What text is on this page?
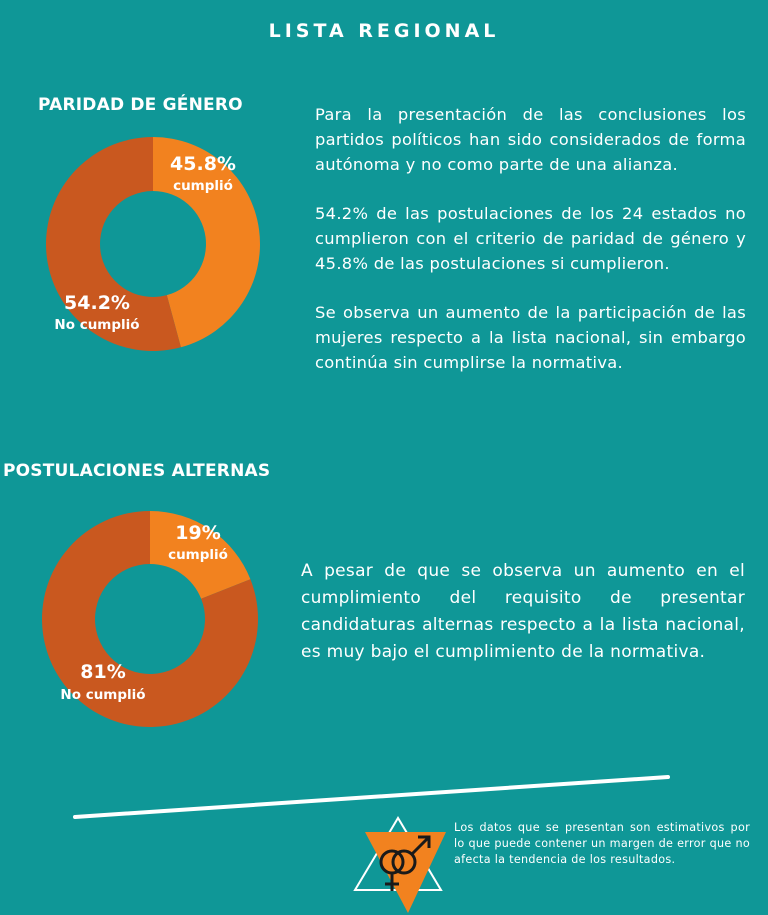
LISTA REGIONAL
PARIDAD DE GÉNERO
45.8%
cumplió
54.2%
No cumplió

Para la presentación de las conclusiones los partidos políticos han sido considerados de forma autónoma y no como parte de una alianza.

54.2% de las postulaciones de los 24 estados no cumplieron con el criterio de paridad de género y 45.8% de las postulaciones si cumplieron.

Se observa un aumento de la participación de las mujeres respecto a la lista nacional, sin embargo continúa sin cumplirse la normativa.

POSTULACIONES ALTERNAS
19%
cumplió
81%
No cumplió

A pesar de que se observa un aumento en el cumplimiento del requisito de presentar candidaturas alternas respecto a la lista nacional, es muy bajo el cumplimiento de la normativa.

Los datos que se presentan son estimativos por lo que puede contener un margen de error que no afecta la tendencia de los resultados.
